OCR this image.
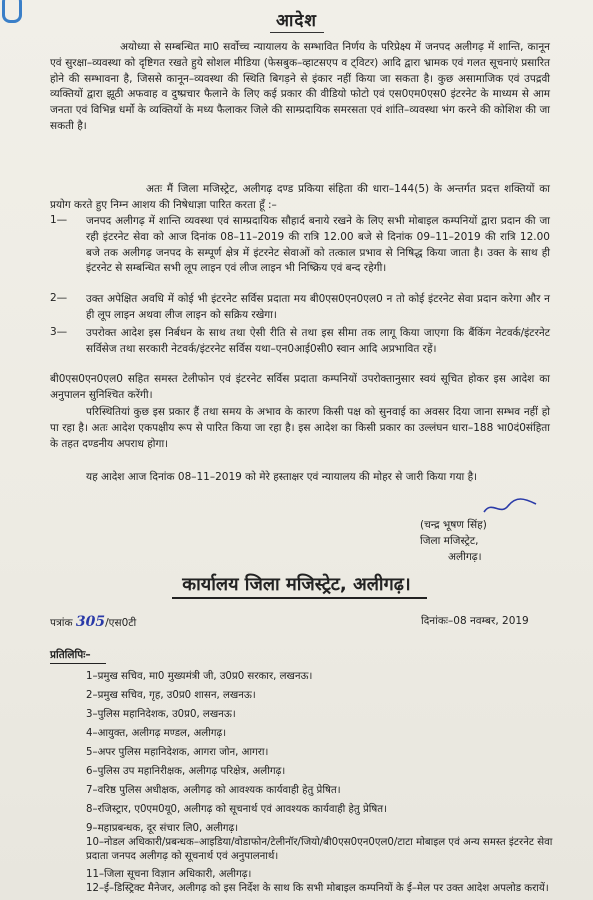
आदेश
अयोध्या से सम्बन्धित मा0 सर्वोच्च न्यायालय के सम्भावित निर्णय के परिप्रेक्ष्य में जनपद अलीगढ़ में शान्ति, कानून एवं सुरक्षा–व्यवस्था को दृष्टिगत रखते हुये सोशल मीडिया (फेसबुक–व्हाटसएप व ट्विटर) आदि द्वारा भ्रामक एवं गलत सूचनाएं प्रसारित होने की सम्भावना है, जिससे कानून–व्यवस्था की स्थिति बिगड़ने से इंकार नहीं किया जा सकता है। कुछ असामाजिक एवं उपद्रवी व्यक्तियों द्वारा झूठी अफवाह व दुष्प्रचार फैलाने के लिए कई प्रकार की वीडियो फोटो एवं एस0एम0एस0 इंटरनेट के माध्यम से आम जनता एवं विभिन्न धर्मो के व्यक्तियों के मध्य फैलाकर जिले की साम्प्रदायिक समरसता एवं शांति–व्यवस्था भंग करने की कोशिश की जा सकती है।
अतः मैं जिला मजिस्ट्रेट, अलीगढ़ दण्ड प्रकिया संहिता की धारा–144(5) के अन्तर्गत प्रदत्त शक्तियों का प्रयोग करते हुए निम्न आशय की निषेधाज्ञा पारित करता हूँ :–
1— जनपद अलीगढ़ में शान्ति व्यवस्था एवं साम्प्रदायिक सौहार्द बनाये रखने के लिए सभी मोबाइल कम्पनियों द्वारा प्रदान की जा रही इंटरनेट सेवा को आज दिनांक 08–11–2019 की रात्रि 12.00 बजे से दिनांक 09–11–2019 की रात्रि 12.00 बजे तक अलीगढ़ जनपद के सम्पूर्ण क्षेत्र में इंटरनेट सेवाओं को तत्काल प्रभाव से निषिद्ध किया जाता है। उक्त के साथ ही इंटरनेट से सम्बन्धित सभी लूप लाइन एवं लीज लाइन भी निष्क्रिय एवं बन्द रहेगी।
2— उक्त अपेक्षित अवधि में कोई भी इंटरनेट सर्विस प्रदाता मय बी0एस0एन0एल0 न तो कोई इंटरनेट सेवा प्रदान करेगा और न ही लूप लाइन अथवा लीज लाइन को सक्रिय रखेगा।
3— उपरोक्त आदेश इस निर्बधन के साथ तथा ऐसी रीति से तथा इस सीमा तक लागू किया जाएगा कि बैंकिंग नेटवर्क/इंटरनेट सर्विसेज तथा सरकारी नेटवर्क/इंटरनेट सर्विस यथा–एन0आई0सी0 स्वान आदि अप्रभावित रहें।
बी0एस0एन0एल0 सहित समस्त टेलीफोन एवं इंटरनेट सर्विस प्रदाता कम्पनियों उपरोक्तानुसार स्वयं सूचित होकर इस आदेश का अनुपालन सुनिश्चित करेंगी।
परिस्थितियां कुछ इस प्रकार हैं तथा समय के अभाव के कारण किसी पक्ष को सुनवाई का अवसर दिया जाना सम्भव नहीं हो पा रहा है। अतः आदेश एकपक्षीय रूप से पारित किया जा रहा है। इस आदेश का किसी प्रकार का उल्लंघन धारा–188 भा0दं0संहिता के तहत दण्डनीय अपराध होगा।
यह आदेश आज दिनांक 08–11–2019 को मेरे हस्ताक्षर एवं न्यायालय की मोहर से जारी किया गया है।
(चन्द्र भूषण सिंह)
जिला मजिस्ट्रेट,
अलीगढ़।
कार्यालय जिला मजिस्ट्रेट, अलीगढ़।
पत्रांक 305/एस0टी	दिनांकः–08 नवम्बर, 2019
प्रतिलिपिः–
1–प्रमुख सचिव, मा0 मुख्यमंत्री जी, उ0प्र0 सरकार, लखनऊ।
2–प्रमुख सचिव, गृह, उ0प्र0 शासन, लखनऊ।
3–पुलिस महानिदेशक, उ0प्र0, लखनऊ।
4–आयुक्त, अलीगढ़ मण्डल, अलीगढ़।
5–अपर पुलिस महानिदेशक, आगरा जोन, आगरा।
6–पुलिस उप महानिरीक्षक, अलीगढ़ परिक्षेत्र, अलीगढ़।
7–वरिष्ठ पुलिस अधीक्षक, अलीगढ़ को आवश्यक कार्यवाही हेतु प्रेषित।
8–रजिस्ट्रार, ए0एम0यू0, अलीगढ़ को सूचनार्थ एवं आवश्यक कार्यवाही हेतु प्रेषित।
9–महाप्रबन्धक, दूर संचार लि0, अलीगढ़।
10–नोडल अधिकारी/प्रबन्धक–आइडिया/वोडाफोन/टेलीनॉर/जियो/बी0एस0एन0एल0/टाटा मोबाइल एवं अन्य समस्त इंटरनेट सेवा प्रदाता जनपद अलीगढ़ को सूचनार्थ एवं अनुपालनार्थ।
11–जिला सूचना विज्ञान अधिकारी, अलीगढ़।
12–ई–डिस्ट्रिक्ट मैनेजर, अलीगढ़ को इस निर्देश के साथ कि सभी मोबाइल कम्पनियों के ई–मेल पर उक्त आदेश अपलोड करायें।
